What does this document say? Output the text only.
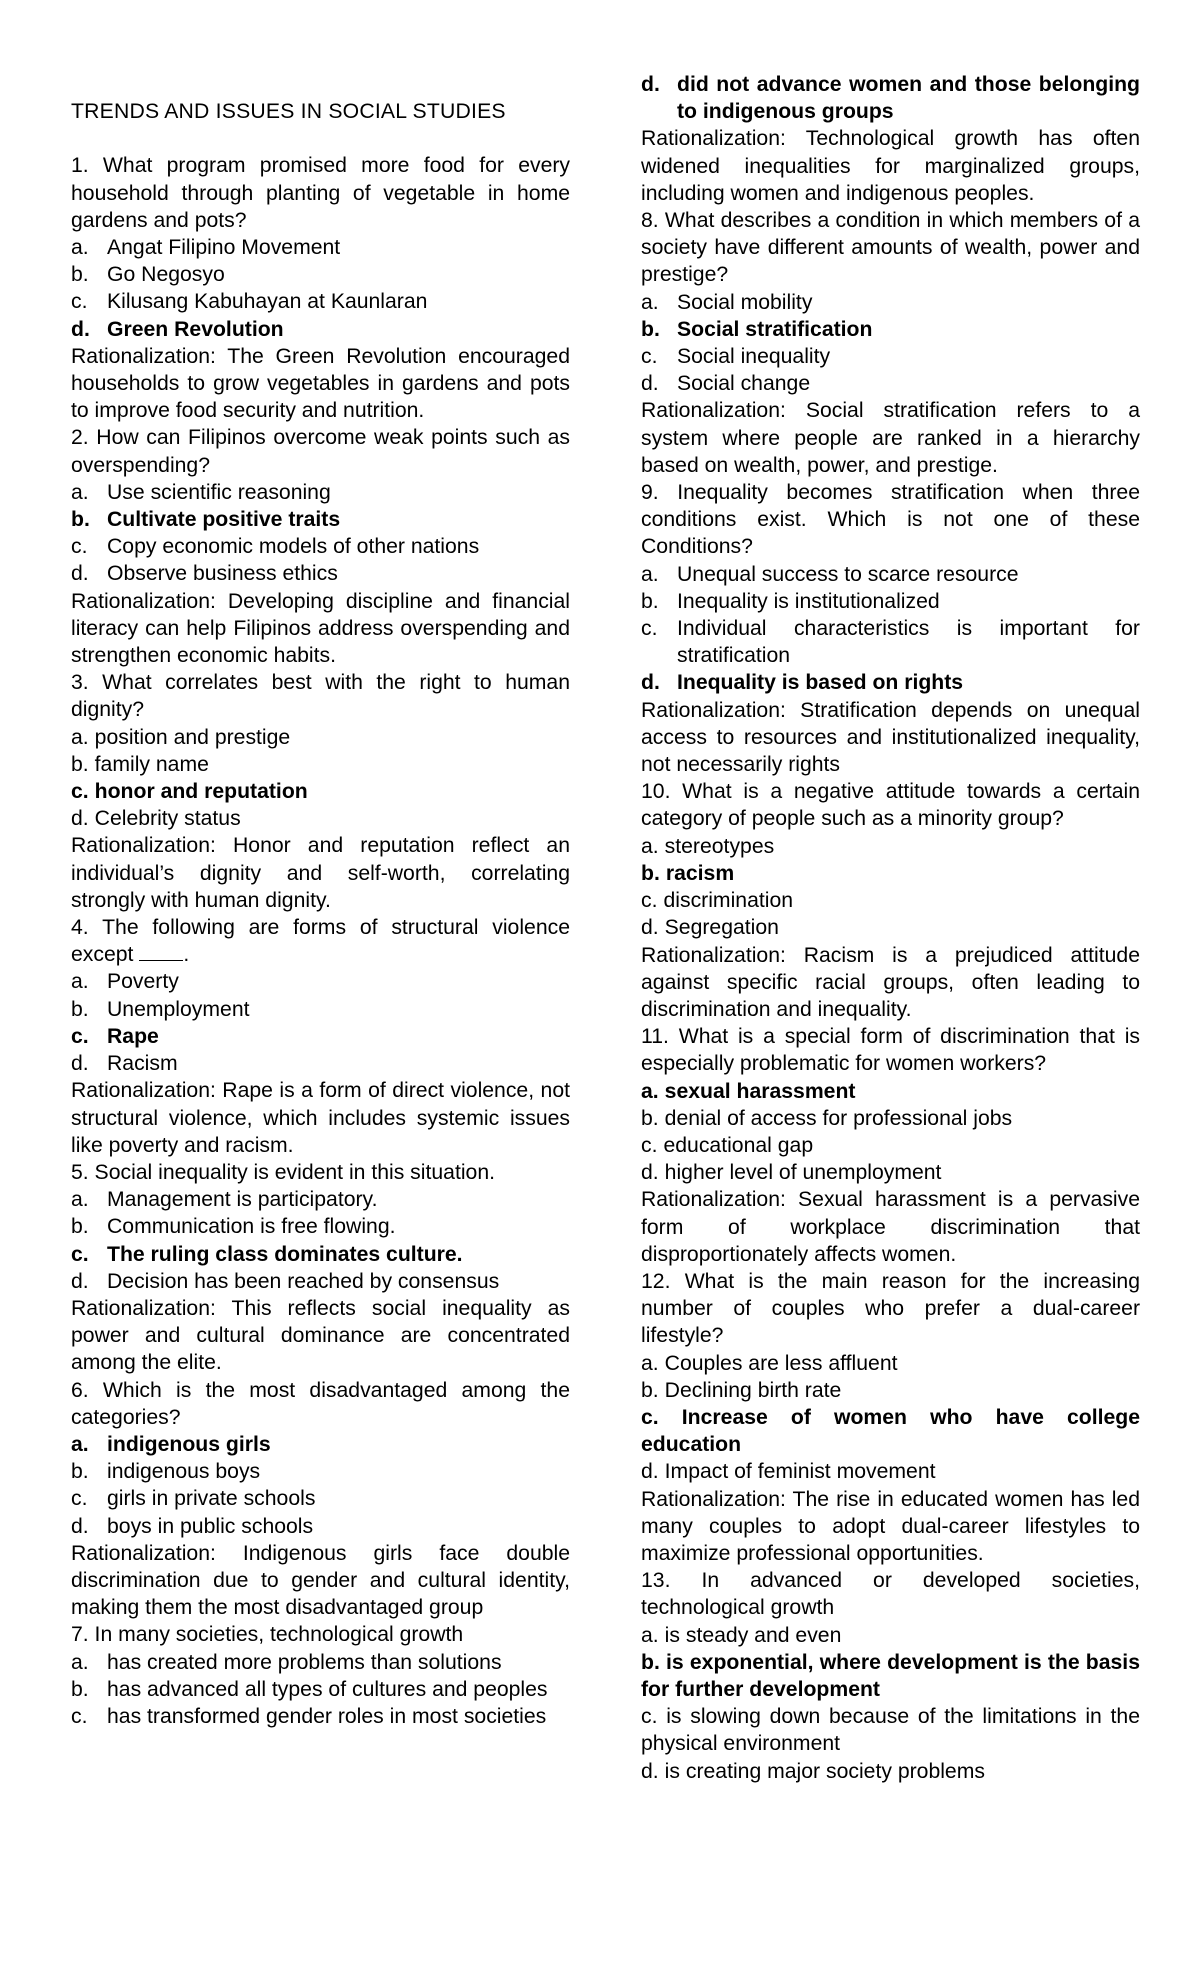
TRENDS AND ISSUES IN SOCIAL STUDIES

1. What program promised more food for every household through planting of vegetable in home gardens and pots?

a. Angat Filipino Movement
b. Go Negosyo
c. Kilusang Kabuhayan at Kaunlaran
d. Green Revolution

Rationalization: The Green Revolution encouraged households to grow vegetables in gardens and pots to improve food security and nutrition.

2. How can Filipinos overcome weak points such as overspending?

a. Use scientific reasoning
b. Cultivate positive traits
c. Copy economic models of other nations
d. Observe business ethics

Rationalization: Developing discipline and financial literacy can help Filipinos address overspending and strengthen economic habits.

3. What correlates best with the right to human dignity?

a. position and prestige
b. family name
c. honor and reputation
d. Celebrity status

Rationalization: Honor and reputation reflect an individual’s dignity and self-worth, correlating strongly with human dignity.

4. The following are forms of structural violence except .

a. Poverty
b. Unemployment
c. Rape
d. Racism

Rationalization: Rape is a form of direct violence, not structural violence, which includes systemic issues like poverty and racism.

5. Social inequality is evident in this situation.

a. Management is participatory.
b. Communication is free flowing.
c. The ruling class dominates culture.
d. Decision has been reached by consensus

Rationalization: This reflects social inequality as power and cultural dominance are concentrated among the elite.

6. Which is the most disadvantaged among the categories?

a. indigenous girls
b. indigenous boys
c. girls in private schools
d. boys in public schools

Rationalization: Indigenous girls face double discrimination due to gender and cultural identity, making them the most disadvantaged group

7. In many societies, technological growth

a. has created more problems than solutions
b. has advanced all types of cultures and peoples
c. has transformed gender roles in most societies
d. did not advance women and those belonging to indigenous groups

Rationalization: Technological growth has often widened inequalities for marginalized groups, including women and indigenous peoples.

8. What describes a condition in which members of a society have different amounts of wealth, power and prestige?

a. Social mobility
b. Social stratification
c. Social inequality
d. Social change

Rationalization: Social stratification refers to a system where people are ranked in a hierarchy based on wealth, power, and prestige.

9. Inequality becomes stratification when three conditions exist. Which is not one of these Conditions?

a. Unequal success to scarce resource
b. Inequality is institutionalized
c. Individual characteristics is important for stratification
d. Inequality is based on rights

Rationalization: Stratification depends on unequal access to resources and institutionalized inequality, not necessarily rights

10. What is a negative attitude towards a certain category of people such as a minority group?

a. stereotypes
b. racism
c. discrimination
d. Segregation

Rationalization: Racism is a prejudiced attitude against specific racial groups, often leading to discrimination and inequality.

11. What is a special form of discrimination that is especially problematic for women workers?

a. sexual harassment
b. denial of access for professional jobs
c. educational gap
d. higher level of unemployment

Rationalization: Sexual harassment is a pervasive form of workplace discrimination that disproportionately affects women.

12. What is the main reason for the increasing number of couples who prefer a dual-career lifestyle?

a. Couples are less affluent
b. Declining birth rate

c. Increase of women who have college education

d. Impact of feminist movement

Rationalization: The rise in educated women has led many couples to adopt dual-career lifestyles to maximize professional opportunities.

13. In advanced or developed societies, technological growth

a. is steady and even

b. is exponential, where development is the basis for further development

c. is slowing down because of the limitations in the physical environment

d. is creating major society problems
